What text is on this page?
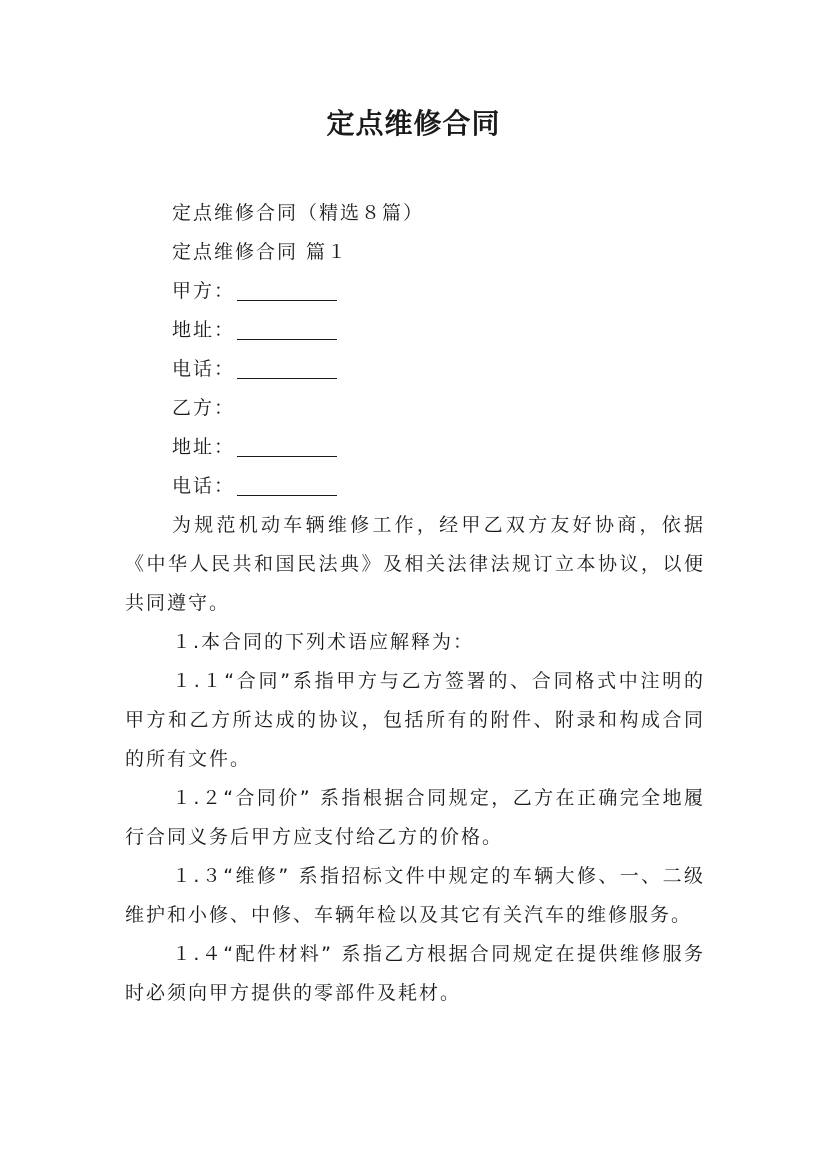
定点维修合同
定点维修合同（精选８篇）
定点维修合同 篇１
甲方：
地址：
电话：
乙方：
地址：
电话：

为规范机动车辆维修工作，经甲乙双方友好协商，依据《中华人民共和国民法典》及相关法律法规订立本协议，以便共同遵守。

１.本合同的下列术语应解释为：

１.１“合同”系指甲方与乙方签署的、合同格式中注明的甲方和乙方所达成的协议，包括所有的附件、附录和构成合同的所有文件。

１.２“合同价” 系指根据合同规定，乙方在正确完全地履行合同义务后甲方应支付给乙方的价格。

１.３“维修” 系指招标文件中规定的车辆大修、一、二级维护和小修、中修、车辆年检以及其它有关汽车的维修服务。

１.４“配件材料” 系指乙方根据合同规定在提供维修服务时必须向甲方提供的零部件及耗材。
